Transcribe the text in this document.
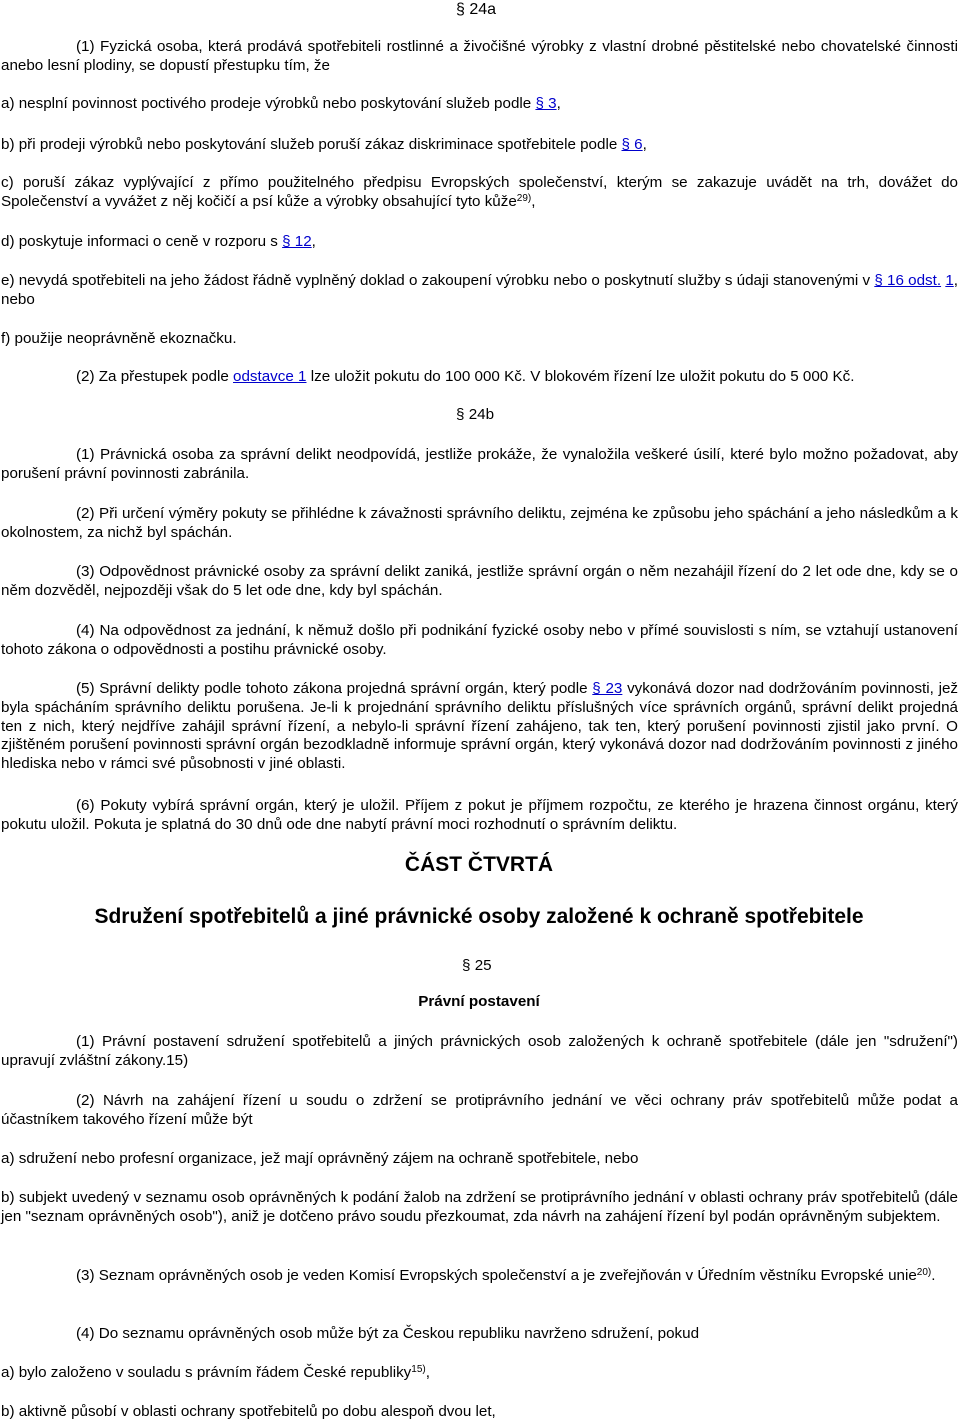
§ 24a

(1) Fyzická osoba, která prodává spotřebiteli rostlinné a živočišné výrobky z vlastní drobné pěstitelské nebo chovatelské činnosti anebo lesní plodiny, se dopustí přestupku tím, že

a) nesplní povinnost poctivého prodeje výrobků nebo poskytování služeb podle § 3,

b) při prodeji výrobků nebo poskytování služeb poruší zákaz diskriminace spotřebitele podle § 6,

c) poruší zákaz vyplývající z přímo použitelného předpisu Evropských společenství, kterým se zakazuje uvádět na trh, dovážet do Společenství a vyvážet z něj kočičí a psí kůže a výrobky obsahující tyto kůže$^{29)}$,

d) poskytuje informaci o ceně v rozporu s § 12,

e) nevydá spotřebiteli na jeho žádost řádně vyplněný doklad o zakoupení výrobku nebo o poskytnutí služby s údaji stanovenými v § 16 odst. 1, nebo

f) použije neoprávněně ekoznačku.

(2) Za přestupek podle odstavce 1 lze uložit pokutu do 100 000 Kč. V blokovém řízení lze uložit pokutu do 5 000 Kč.

§ 24b

(1) Právnická osoba za správní delikt neodpovídá, jestliže prokáže, že vynaložila veškeré úsilí, které bylo možno požadovat, aby porušení právní povinnosti zabránila.

(2) Při určení výměry pokuty se přihlédne k závažnosti správního deliktu, zejména ke způsobu jeho spáchání a jeho následkům a k okolnostem, za nichž byl spáchán.

(3) Odpovědnost právnické osoby za správní delikt zaniká, jestliže správní orgán o něm nezahájil řízení do 2 let ode dne, kdy se o něm dozvěděl, nejpozději však do 5 let ode dne, kdy byl spáchán.

(4) Na odpovědnost za jednání, k němuž došlo při podnikání fyzické osoby nebo v přímé souvislosti s ním, se vztahují ustanovení tohoto zákona o odpovědnosti a postihu právnické osoby.

(5) Správní delikty podle tohoto zákona projedná správní orgán, který podle § 23 vykonává dozor nad dodržováním povinnosti, jež byla spácháním správního deliktu porušena. Je-li k projednání správního deliktu příslušných více správních orgánů, správní delikt projedná ten z nich, který nejdříve zahájil správní řízení, a nebylo-li správní řízení zahájeno, tak ten, který porušení povinnosti zjistil jako první. O zjištěném porušení povinnosti správní orgán bezodkladně informuje správní orgán, který vykonává dozor nad dodržováním povinnosti z jiného hlediska nebo v rámci své působnosti v jiné oblasti.

(6) Pokuty vybírá správní orgán, který je uložil. Příjem z pokut je příjmem rozpočtu, ze kterého je hrazena činnost orgánu, který pokutu uložil. Pokuta je splatná do 30 dnů ode dne nabytí právní moci rozhodnutí o správním deliktu.

ČÁST ČTVRTÁ

Sdružení spotřebitelů a jiné právnické osoby založené k ochraně spotřebitele

§ 25

Právní postavení

(1) Právní postavení sdružení spotřebitelů a jiných právnických osob založených k ochraně spotřebitele (dále jen "sdružení") upravují zvláštní zákony.15)

(2) Návrh na zahájení řízení u soudu o zdržení se protiprávního jednání ve věci ochrany práv spotřebitelů může podat a účastníkem takového řízení může být

a) sdružení nebo profesní organizace, jež mají oprávněný zájem na ochraně spotřebitele, nebo

b) subjekt uvedený v seznamu osob oprávněných k podání žalob na zdržení se protiprávního jednání v oblasti ochrany práv spotřebitelů (dále jen "seznam oprávněných osob"), aniž je dotčeno právo soudu přezkoumat, zda návrh na zahájení řízení byl podán oprávněným subjektem.

(3) Seznam oprávněných osob je veden Komisí Evropských společenství a je zveřejňován v Úředním věstníku Evropské unie$^{20)}$.

(4) Do seznamu oprávněných osob může být za Českou republiku navrženo sdružení, pokud

a) bylo založeno v souladu s právním řádem České republiky$^{15)}$,

b) aktivně působí v oblasti ochrany spotřebitelů po dobu alespoň dvou let,
